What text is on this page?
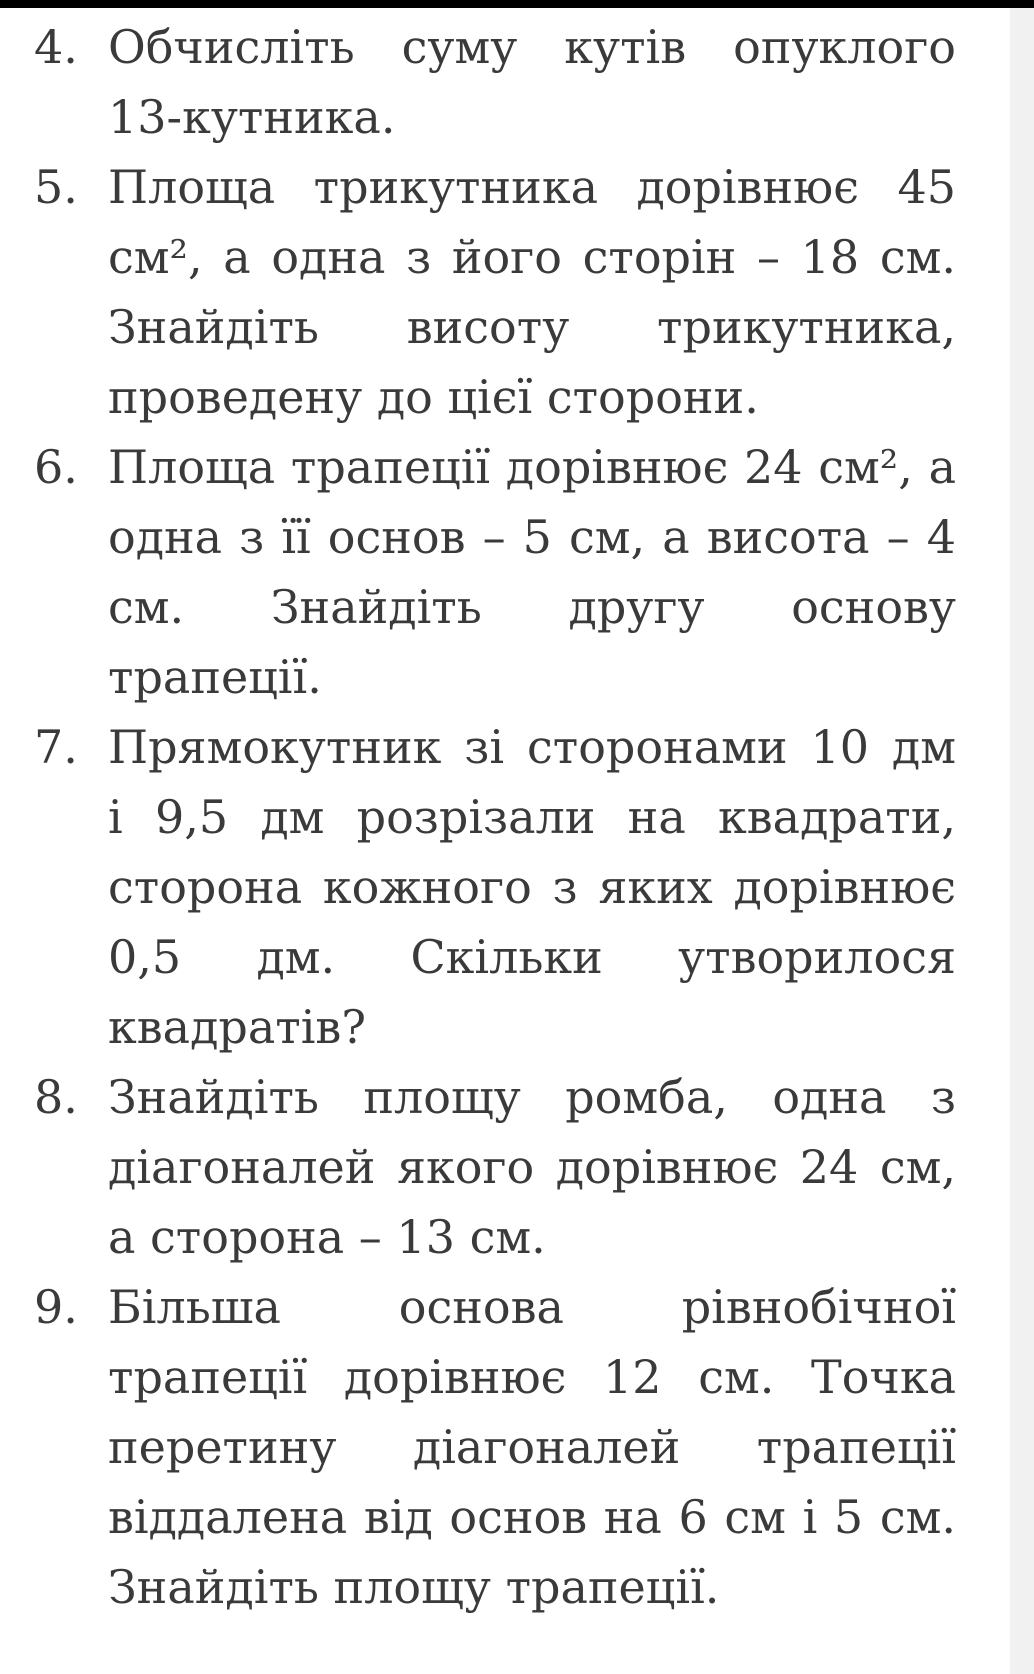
4. Обчисліть суму кутів опуклого
13-кутника.
5. Площа трикутника дорівнює 45
см², а одна з його сторін – 18 см.
Знайдіть висоту трикутника,
проведену до цієї сторони.
6. Площа трапеції дорівнює 24 см², а
одна з її основ – 5 см, а висота – 4
см. Знайдіть другу основу
трапеції.
7. Прямокутник зі сторонами 10 дм
і 9,5 дм розрізали на квадрати,
сторона кожного з яких дорівнює
0,5 дм. Скільки утворилося
квадратів?
8. Знайдіть площу ромба, одна з
діагоналей якого дорівнює 24 см,
а сторона – 13 см.
9. Більша основа рівнобічної
трапеції дорівнює 12 см. Точка
перетину діагоналей трапеції
віддалена від основ на 6 см і 5 см.
Знайдіть площу трапеції.
